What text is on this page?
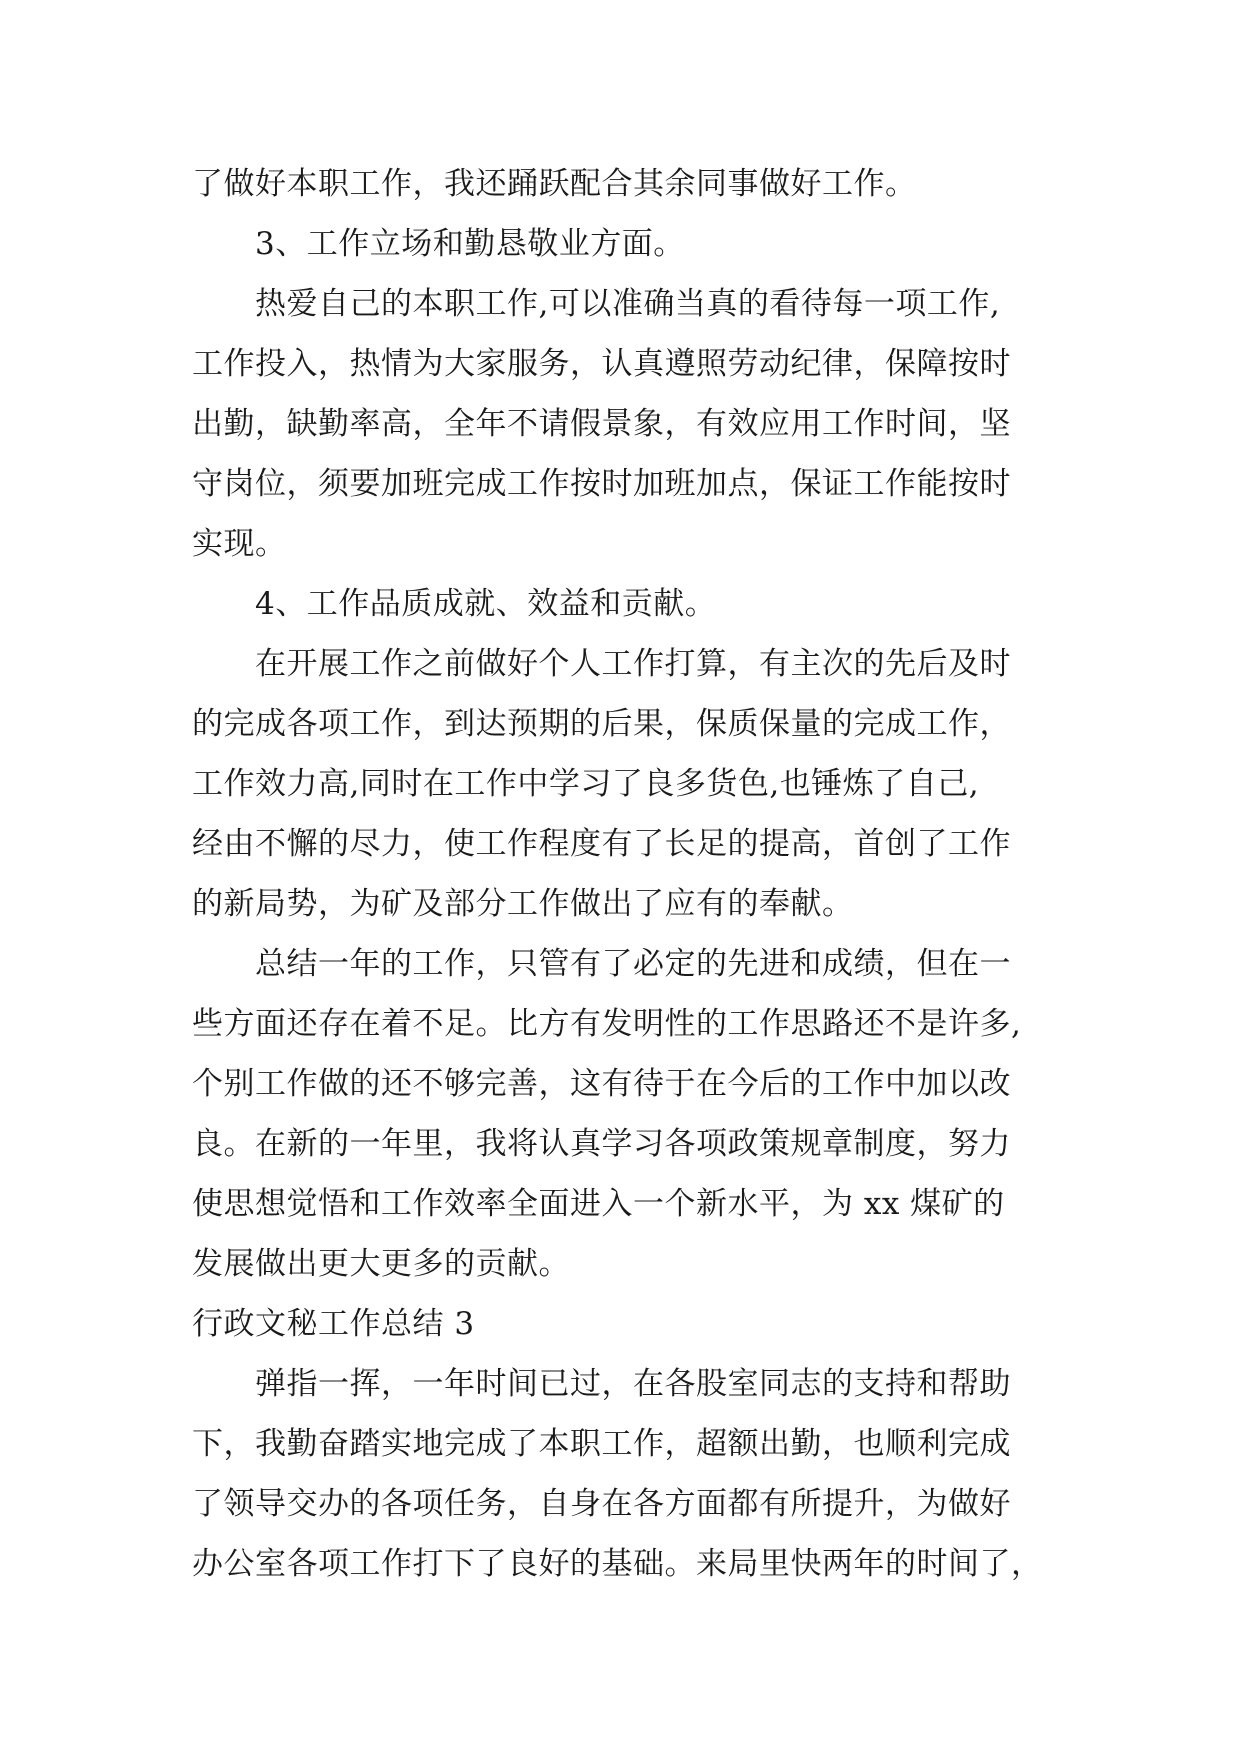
了做好本职工作，我还踊跃配合其余同事做好工作。
3、工作立场和勤恳敬业方面。
热爱自己的本职工作,可以准确当真的看待每一项工作,
工作投入，热情为大家服务，认真遵照劳动纪律，保障按时
出勤，缺勤率高，全年不请假景象，有效应用工作时间，坚
守岗位，须要加班完成工作按时加班加点，保证工作能按时
实现。
4、工作品质成就、效益和贡献。
在开展工作之前做好个人工作打算，有主次的先后及时
的完成各项工作，到达预期的后果，保质保量的完成工作，
工作效力高,同时在工作中学习了良多货色,也锤炼了自己,
经由不懈的尽力，使工作程度有了长足的提高，首创了工作
的新局势，为矿及部分工作做出了应有的奉献。
总结一年的工作，只管有了必定的先进和成绩，但在一
些方面还存在着不足。比方有发明性的工作思路还不是许多,
个别工作做的还不够完善，这有待于在今后的工作中加以改
良。在新的一年里，我将认真学习各项政策规章制度，努力
使思想觉悟和工作效率全面进入一个新水平，为 xx 煤矿的
发展做出更大更多的贡献。
行政文秘工作总结 3
弹指一挥，一年时间已过，在各股室同志的支持和帮助
下，我勤奋踏实地完成了本职工作，超额出勤，也顺利完成
了领导交办的各项任务，自身在各方面都有所提升，为做好
办公室各项工作打下了良好的基础。来局里快两年的时间了，
